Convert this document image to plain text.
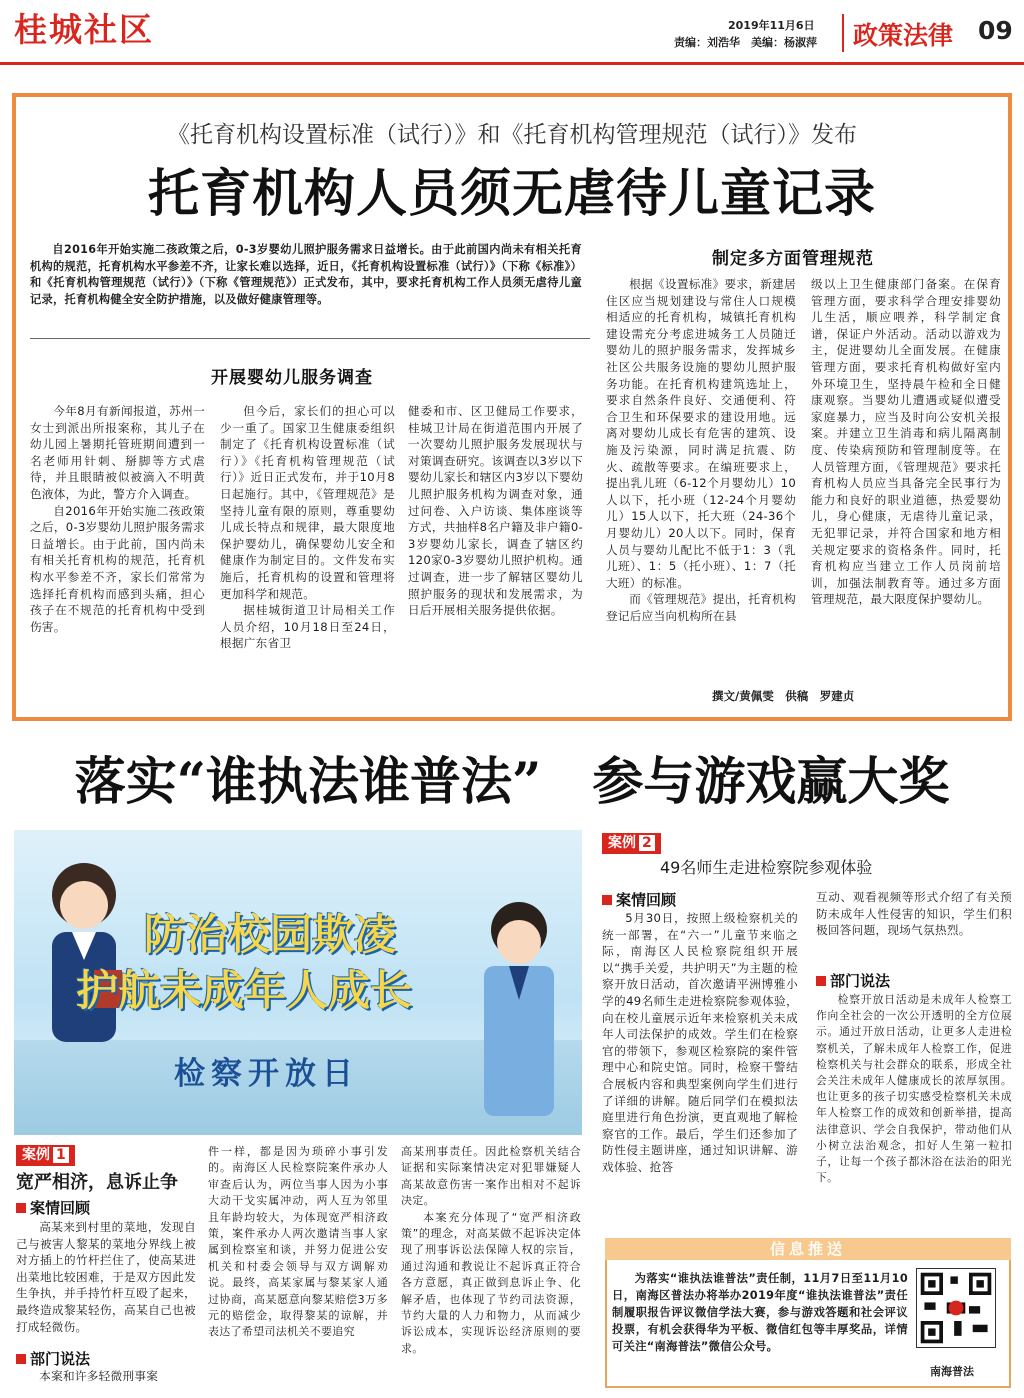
桂城社区	2019年11月6日
责编：刘浩华　美编：杨淑萍 政策法律 09
《托育机构设置标准（试行）》和《托育机构管理规范（试行）》发布
托育机构人员须无虐待儿童记录
自2016年开始实施二孩政策之后，0-3岁婴幼儿照护服务需求日益增长。由于此前国内尚未有相关托育机构的规范，托育机构水平参差不齐，让家长难以选择，近日，《托育机构设置标准（试行）》（下称《标准》）和《托育机构管理规范（试行）》（下称《管理规范》）正式发布，其中，要求托育机构工作人员须无虐待儿童记录，托育机构健全安全防护措施，以及做好健康管理等。
开展婴幼儿服务调查
今年8月有新闻报道，苏州一女士到派出所报案称，其儿子在幼儿园上暑期托管班期间遭到一名老师用针刺、掰脚等方式虐待，并且眼睛被似被滴入不明黄色液体，为此，警方介入调查。
自2016年开始实施二孩政策之后，0-3岁婴幼儿照护服务需求日益增长。由于此前，国内尚未有相关托育机构的规范，托育机构水平参差不齐，家长们常常为选择托育机构而感到头痛，担心孩子在不规范的托育机构中受到伤害。
但今后，家长们的担心可以少一重了。国家卫生健康委组织制定了《托育机构设置标准（试行）》《托育机构管理规范（试行）》近日正式发布，并于10月8日起施行。其中，《管理规范》是坚持儿童有限的原则，尊重婴幼儿成长特点和规律，最大限度地保护婴幼儿，确保婴幼儿安全和健康作为制定目的。文件发布实施后，托育机构的设置和管理将更加科学和规范。
据桂城街道卫计局相关工作人员介绍，10月18日至24日，根据广东省卫
健委和市、区卫健局工作要求，桂城卫计局在街道范围内开展了一次婴幼儿照护服务发展现状与对策调查研究。该调查以3岁以下婴幼儿家长和辖区内3岁以下婴幼儿照护服务机构为调查对象，通过问卷、入户访谈、集体座谈等方式，共抽样8名户籍及非户籍0-3岁婴幼儿家长，调查了辖区约120家0-3岁婴幼儿照护机构。通过调查，进一步了解辖区婴幼儿照护服务的现状和发展需求，为日后开展相关服务提供依据。
制定多方面管理规范
根据《设置标准》要求，新建居住区应当规划建设与常住人口规模相适应的托育机构，城镇托育机构建设需充分考虑进城务工人员随迁婴幼儿的照护服务需求，发挥城乡社区公共服务设施的婴幼儿照护服务功能。在托育机构建筑选址上，要求自然条件良好、交通便利、符合卫生和环保要求的建设用地。远离对婴幼儿成长有危害的建筑、设施及污染源，同时满足抗震、防火、疏散等要求。在编班要求上，提出乳儿班（6-12个月婴幼儿）10人以下，托小班（12-24个月婴幼儿）15人以下，托大班（24-36个月婴幼儿）20人以下。同时，保育人员与婴幼儿配比不低于1：3（乳儿班）、1：5（托小班）、1：7（托大班）的标准。
而《管理规范》提出，托育机构登记后应当向机构所在县
级以上卫生健康部门备案。在保育管理方面，要求科学合理安排婴幼儿生活，顺应喂养，科学制定食谱，保证户外活动。活动以游戏为主，促进婴幼儿全面发展。在健康管理方面，要求托育机构做好室内外环境卫生，坚持晨午检和全日健康观察。当婴幼儿遭遇或疑似遭受家庭暴力，应当及时向公安机关报案。并建立卫生消毒和病儿隔离制度、传染病预防和管理制度等。在人员管理方面，《管理规范》要求托育机构人员应当具备完全民事行为能力和良好的职业道德，热爱婴幼儿，身心健康，无虐待儿童记录，无犯罪记录，并符合国家和地方相关规定要求的资格条件。同时，托育机构应当建立工作人员岗前培训，加强法制教育等。通过多方面管理规范，最大限度保护婴幼儿。
撰文/黄佩雯　供稿　罗建贞
落实“谁执法谁普法”　参与游戏赢大奖
防治校园欺凌
护航未成年人成长
检察开放日
案例 1
宽严相济，息诉止争
案情回顾
高某来到村里的菜地，发现自己与被害人黎某的菜地分界线上被对方插上的竹杆拦住了，使高某进出菜地比较困难，于是双方因此发生争执，并手持竹杆互殴了起来，最终造成黎某轻伤，高某自己也被打成轻微伤。
部门说法
本案和许多轻微刑事案
件一样，都是因为琐碎小事引发的。南海区人民检察院案件承办人审查后认为，两位当事人因为小事大动干戈实属冲动，两人互为邻里且年龄均较大，为体现宽严相济政策，案件承办人两次邀请当事人家属到检察室和谈，并努力促进公安机关和村委会领导与双方调解劝说。最终，高某家属与黎某家人通过协商，高某愿意向黎某赔偿3万多元的赔偿金，取得黎某的谅解，并表达了希望司法机关不要追究
高某刑事责任。因此检察机关结合证据和实际案情决定对犯罪嫌疑人高某故意伤害一案作出相对不起诉决定。
本案充分体现了“宽严相济政策”的理念，对高某做不起诉决定体现了刑事诉讼法保障人权的宗旨，通过沟通和教说让不起诉真正符合各方意愿，真正做到息诉止争、化解矛盾，也体现了节约司法资源，节约大量的人力和物力，从而减少诉讼成本，实现诉讼经济原则的要求。
案例 2
49名师生走进检察院参观体验
案情回顾
5月30日，按照上级检察机关的统一部署，在“六一”儿童节来临之际，南海区人民检察院组织开展以“携手关爱，共护明天”为主题的检察开放日活动，首次邀请平洲博雅小学的49名师生走进检察院参观体验，向在校儿童展示近年来检察机关未成年人司法保护的成效。学生们在检察官的带领下，参观区检察院的案件管理中心和院史馆。同时，检察干警结合展板内容和典型案例向学生们进行了详细的讲解。随后同学们在模拟法庭里进行角色扮演，更直观地了解检察官的工作。最后，学生们还参加了防性侵主题讲座，通过知识讲解、游戏体验、抢答
互动、观看视频等形式介绍了有关预防未成年人性侵害的知识，学生们积极回答问题，现场气氛热烈。
部门说法
检察开放日活动是未成年人检察工作向全社会的一次公开透明的全方位展示。通过开放日活动，让更多人走进检察机关，了解未成年人检察工作，促进检察机关与社会群众的联系，形成全社会关注未成年人健康成长的浓厚氛围。也让更多的孩子切实感受检察机关未成年人检察工作的成效和创新举措，提高法律意识、学会自我保护，带动他们从小树立法治观念，扣好人生第一粒扣子，让每一个孩子都沐浴在法治的阳光下。
信息推送
为落实“谁执法谁普法”责任制，11月7日至11月10日，南海区普法办将举办2019年度“谁执法谁普法”责任制履职报告评议微信学法大赛，参与游戏答题和社会评议投票，有机会获得华为平板、微信红包等丰厚奖品，详情可关注“南海普法”微信公众号。
南海普法
